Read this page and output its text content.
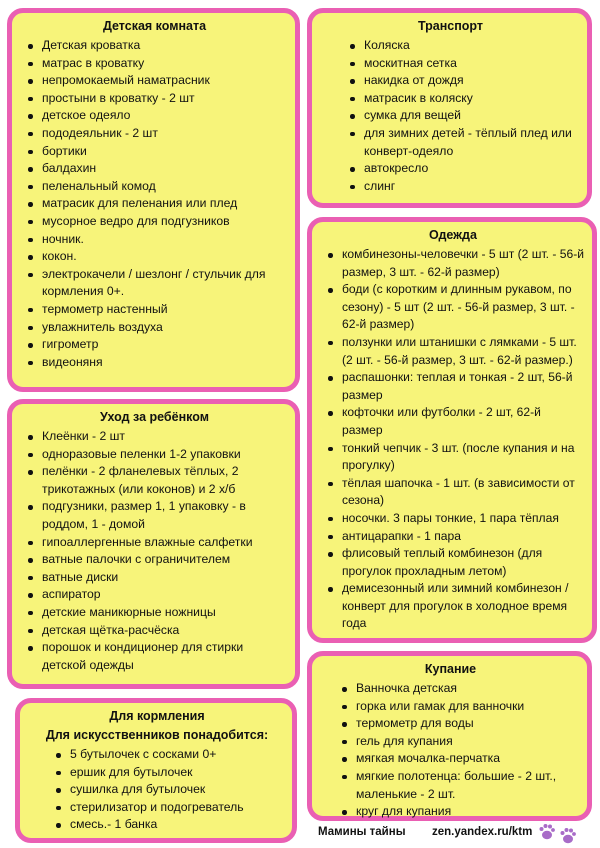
Детская комната
Детская кроватка
матрас в кроватку
непромокаемый наматрасник
простыни в кроватку - 2 шт
детское одеяло
пододеяльник - 2 шт
бортики
балдахин
пеленальный комод
матрасик для пеленания или плед
мусорное ведро для подгузников
ночник.
кокон.
электрокачели / шезлонг / стульчик для кормления 0+.
термометр настенный
увлажнитель воздуха
гигрометр
видеоняня
Уход за ребёнком
Клеёнки - 2 шт
одноразовые пеленки 1-2 упаковки
пелёнки - 2 фланелевых тёплых, 2 трикотажных (или коконов) и 2 х/б
подгузники, размер 1, 1 упаковку - в роддом, 1 - домой
гипоаллергенные влажные салфетки
ватные палочки с ограничителем
ватные диски
аспиратор
детские маникюрные ножницы
детская щётка-расчёска
порошок и кондиционер для стирки детской одежды
Для кормления
Для искусственников понадобится:
5 бутылочек с сосками 0+
ершик для бутылочек
сушилка для бутылочек
стерилизатор и подогреватель
смесь.- 1 банка
Транспорт
Коляска
москитная сетка
накидка от дождя
матрасик в коляску
сумка для вещей
для зимних детей - тёплый плед или конверт-одеяло
автокресло
слинг
Одежда
комбинезоны-человечки - 5 шт (2 шт. - 56-й размер, 3 шт. - 62-й размер)
боди (с коротким и длинным рукавом, по сезону) - 5 шт (2 шт. - 56-й размер, 3 шт. - 62-й размер)
ползунки или штанишки с лямками - 5 шт. (2 шт. - 56-й размер, 3 шт. - 62-й размер.)
распашонки: теплая и тонкая - 2 шт, 56-й размер
кофточки или футболки - 2 шт, 62-й размер
тонкий чепчик - 3 шт. (после купания и на прогулку)
тёплая шапочка - 1 шт. (в зависимости от сезона)
носочки. 3 пары тонкие, 1 пара тёплая
антицарапки - 1 пара
флисовый теплый комбинезон (для прогулок прохладным летом)
демисезонный или зимний комбинезон / конверт для прогулок в холодное время года
Купание
Ванночка детская
горка или гамак для ванночки
термометр для воды
гель для купания
мягкая мочалка-перчатка
мягкие полотенца: большие - 2 шт., маленькие - 2 шт.
круг для купания
Мамины тайны zen.yandex.ru/ktm
